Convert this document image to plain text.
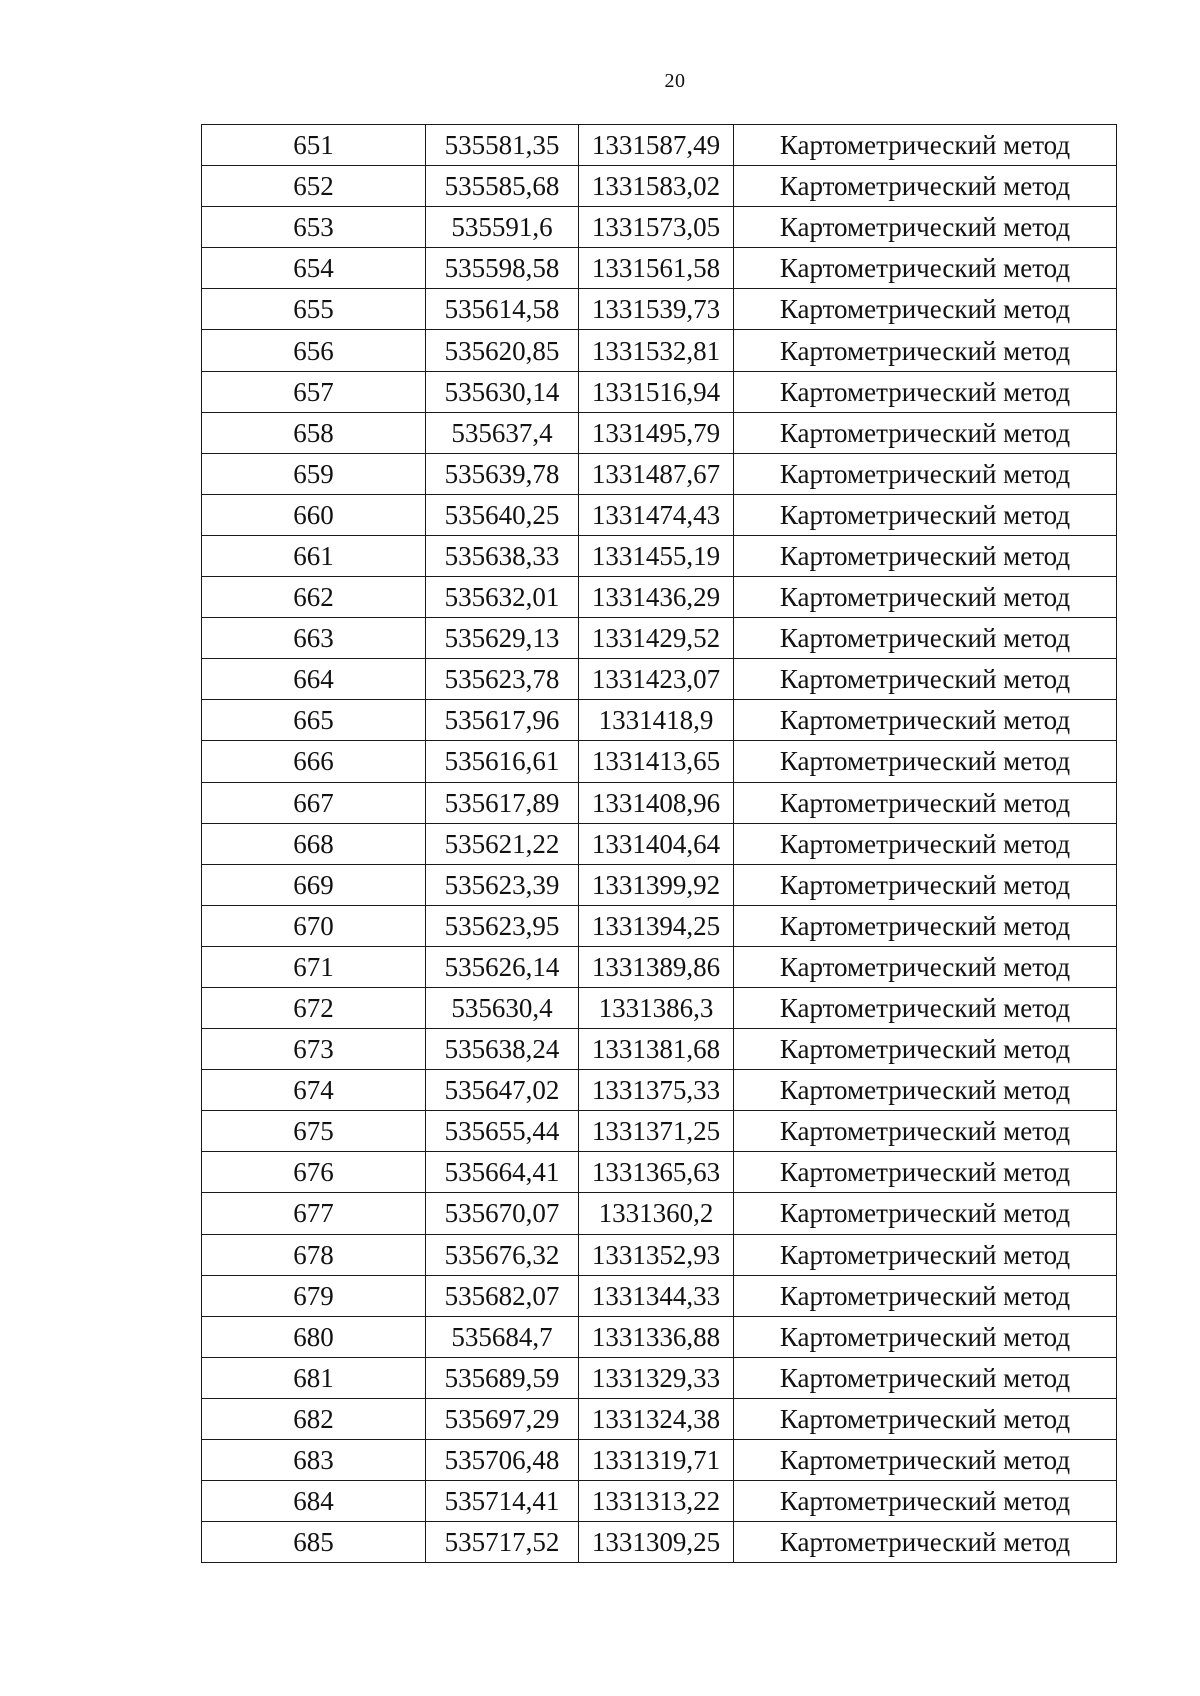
20
651	535581,35	1331587,49	Картометрический метод
652	535585,68	1331583,02	Картометрический метод
653	535591,6	1331573,05	Картометрический метод
654	535598,58	1331561,58	Картометрический метод
655	535614,58	1331539,73	Картометрический метод
656	535620,85	1331532,81	Картометрический метод
657	535630,14	1331516,94	Картометрический метод
658	535637,4	1331495,79	Картометрический метод
659	535639,78	1331487,67	Картометрический метод
660	535640,25	1331474,43	Картометрический метод
661	535638,33	1331455,19	Картометрический метод
662	535632,01	1331436,29	Картометрический метод
663	535629,13	1331429,52	Картометрический метод
664	535623,78	1331423,07	Картометрический метод
665	535617,96	1331418,9	Картометрический метод
666	535616,61	1331413,65	Картометрический метод
667	535617,89	1331408,96	Картометрический метод
668	535621,22	1331404,64	Картометрический метод
669	535623,39	1331399,92	Картометрический метод
670	535623,95	1331394,25	Картометрический метод
671	535626,14	1331389,86	Картометрический метод
672	535630,4	1331386,3	Картометрический метод
673	535638,24	1331381,68	Картометрический метод
674	535647,02	1331375,33	Картометрический метод
675	535655,44	1331371,25	Картометрический метод
676	535664,41	1331365,63	Картометрический метод
677	535670,07	1331360,2	Картометрический метод
678	535676,32	1331352,93	Картометрический метод
679	535682,07	1331344,33	Картометрический метод
680	535684,7	1331336,88	Картометрический метод
681	535689,59	1331329,33	Картометрический метод
682	535697,29	1331324,38	Картометрический метод
683	535706,48	1331319,71	Картометрический метод
684	535714,41	1331313,22	Картометрический метод
685	535717,52	1331309,25	Картометрический метод
